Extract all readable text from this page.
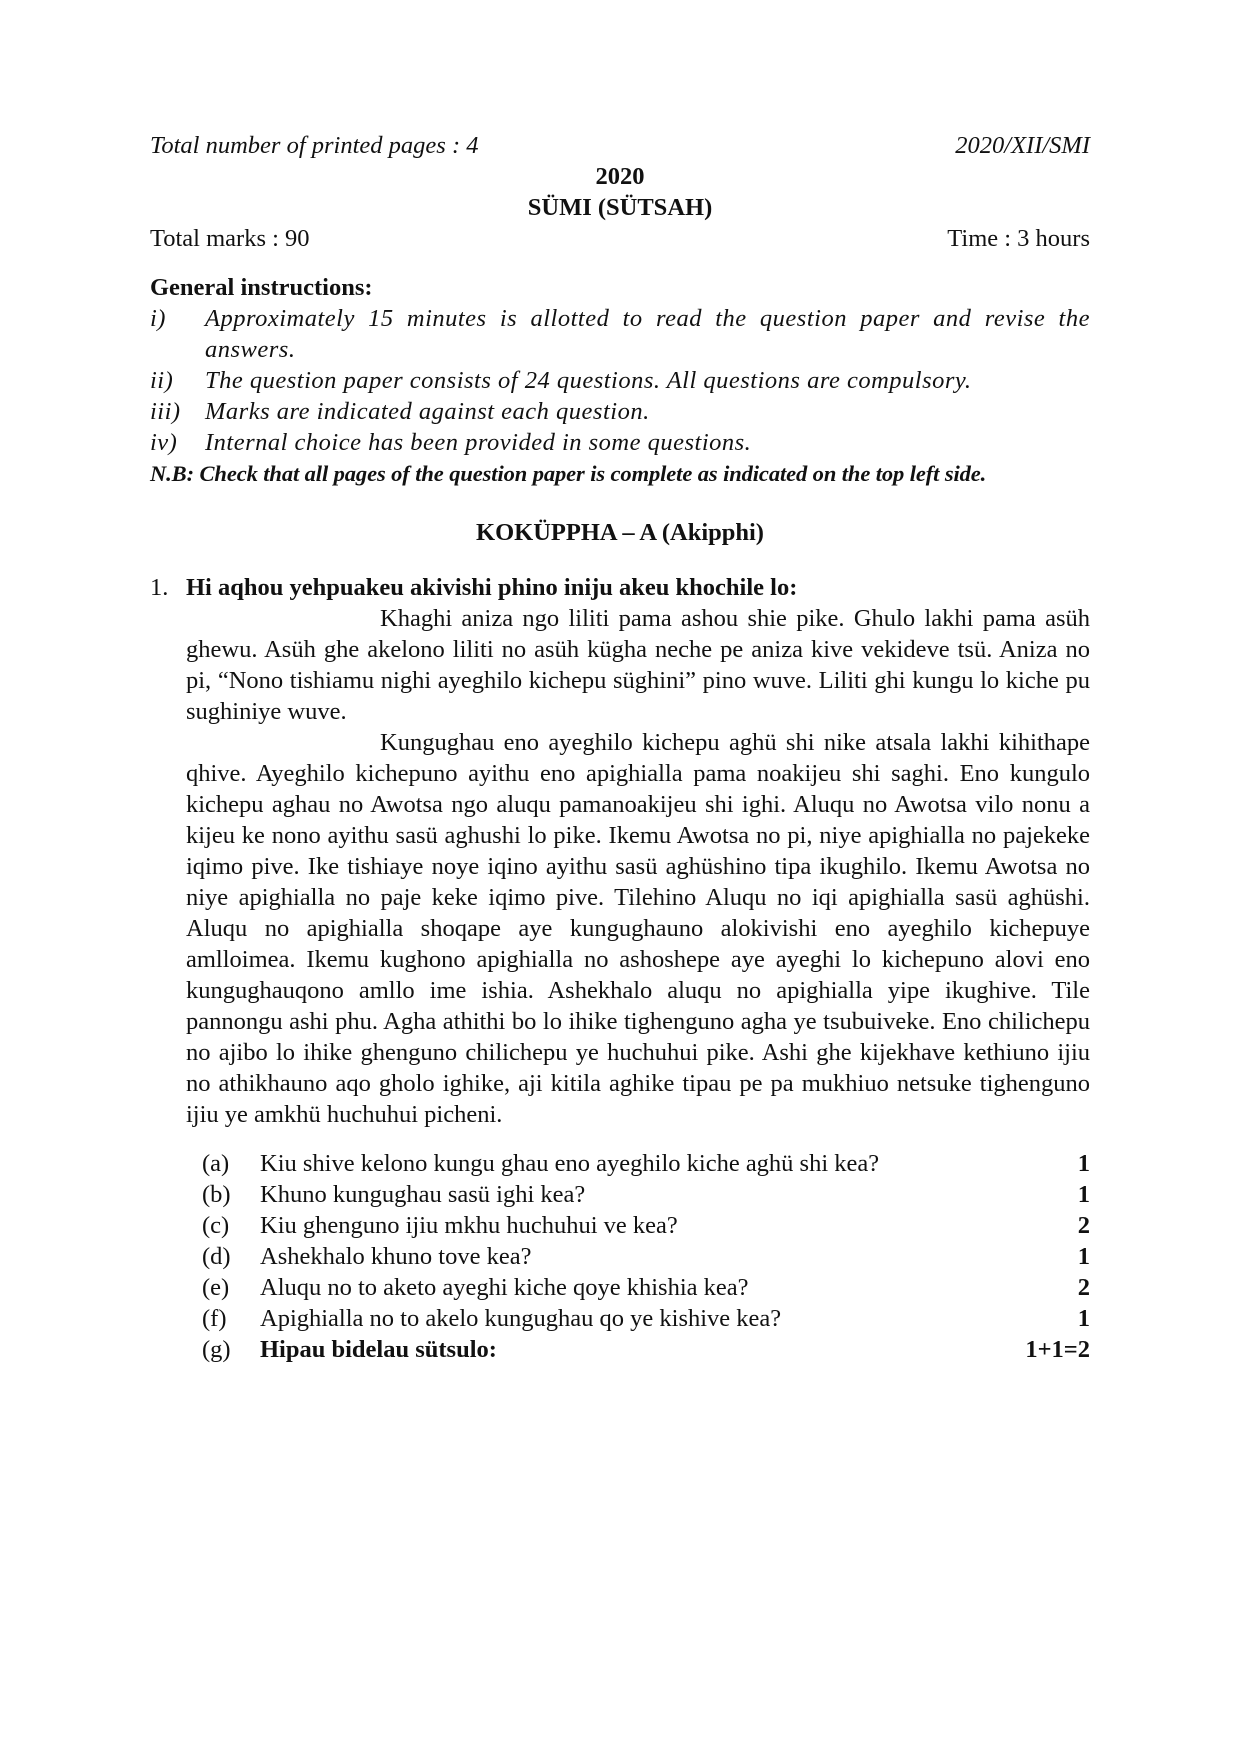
Total number of printed pages : 4	2020/XII/SMI
2020
SÜMI (SÜTSAH)
Total marks : 90	Time : 3 hours
General instructions:
i)	Approximately 15 minutes is allotted to read the question paper and revise the answers.
ii)	The question paper consists of 24 questions. All questions are compulsory.
iii) Marks are indicated against each question.
iv)	Internal choice has been provided in some questions.
N.B: Check that all pages of the question paper is complete as indicated on the top left side.
KOKÜPPHA – A (Akipphi)
1. Hi aqhou yehpuakeu akivishi phino iniju akeu khochile lo:
Khaghi aniza ngo liliti pama ashou shie pike. Ghulo lakhi pama asüh ghewu. Asüh ghe akelono liliti no asüh kügha neche pe aniza kive vekideve tsü. Aniza no pi, “Nono tishiamu nighi ayeghilo kichepu süghini” pino wuve. Liliti ghi kungu lo kiche pu sughiniye wuve.
Kungughau eno ayeghilo kichepu aghü shi nike atsala lakhi kihithape qhive. Ayeghilo kichepuno ayithu eno apighialla pama noakijeu shi saghi. Eno kungulo kichepu aghau no Awotsa ngo aluqu pamanoakijeu shi ighi. Aluqu no Awotsa vilo nonu a kijeu ke nono ayithu sasü aghushi lo pike. Ikemu Awotsa no pi, niye apighialla no pajekeke iqimo pive. Ike tishiaye noye iqino ayithu sasü aghüshino tipa ikughilo. Ikemu Awotsa no niye apighialla no paje keke iqimo pive. Tilehino Aluqu no iqi apighialla sasü aghüshi. Aluqu no apighialla shoqape aye kungughauno alokivishi eno ayeghilo kichepuye amlloimea. Ikemu kughono apighialla no ashoshepe aye ayeghi lo kichepuno alovi eno kungughauqono amllo ime ishia. Ashekhalo aluqu no apighialla yipe ikughive. Tile pannongu ashi phu. Agha athithi bo lo ihike tighenguno agha ye tsubuiveke. Eno chilichepu no ajibo lo ihike ghenguno chilichepu ye huchuhui pike. Ashi ghe kijekhave kethiuno ijiu no athikhauno aqo gholo ighike, aji kitila aghike tipau pe pa mukhiuo netsuke tighenguno ijiu ye amkhü huchuhui picheni.
(a)	Kiu shive kelono kungu ghau eno ayeghilo kiche aghü shi kea?	1
(b)	Khuno kungughau sasü ighi kea?	1
(c)	Kiu ghenguno ijiu mkhu huchuhui ve kea?	2
(d)	Ashekhalo khuno tove kea?	1
(e)	Aluqu no to aketo ayeghi kiche qoye khishia kea?	2
(f)	Apighialla no to akelo kungughau qo ye kishive kea?	1
(g)	Hipau bidelau sütsulo:	1+1=2
